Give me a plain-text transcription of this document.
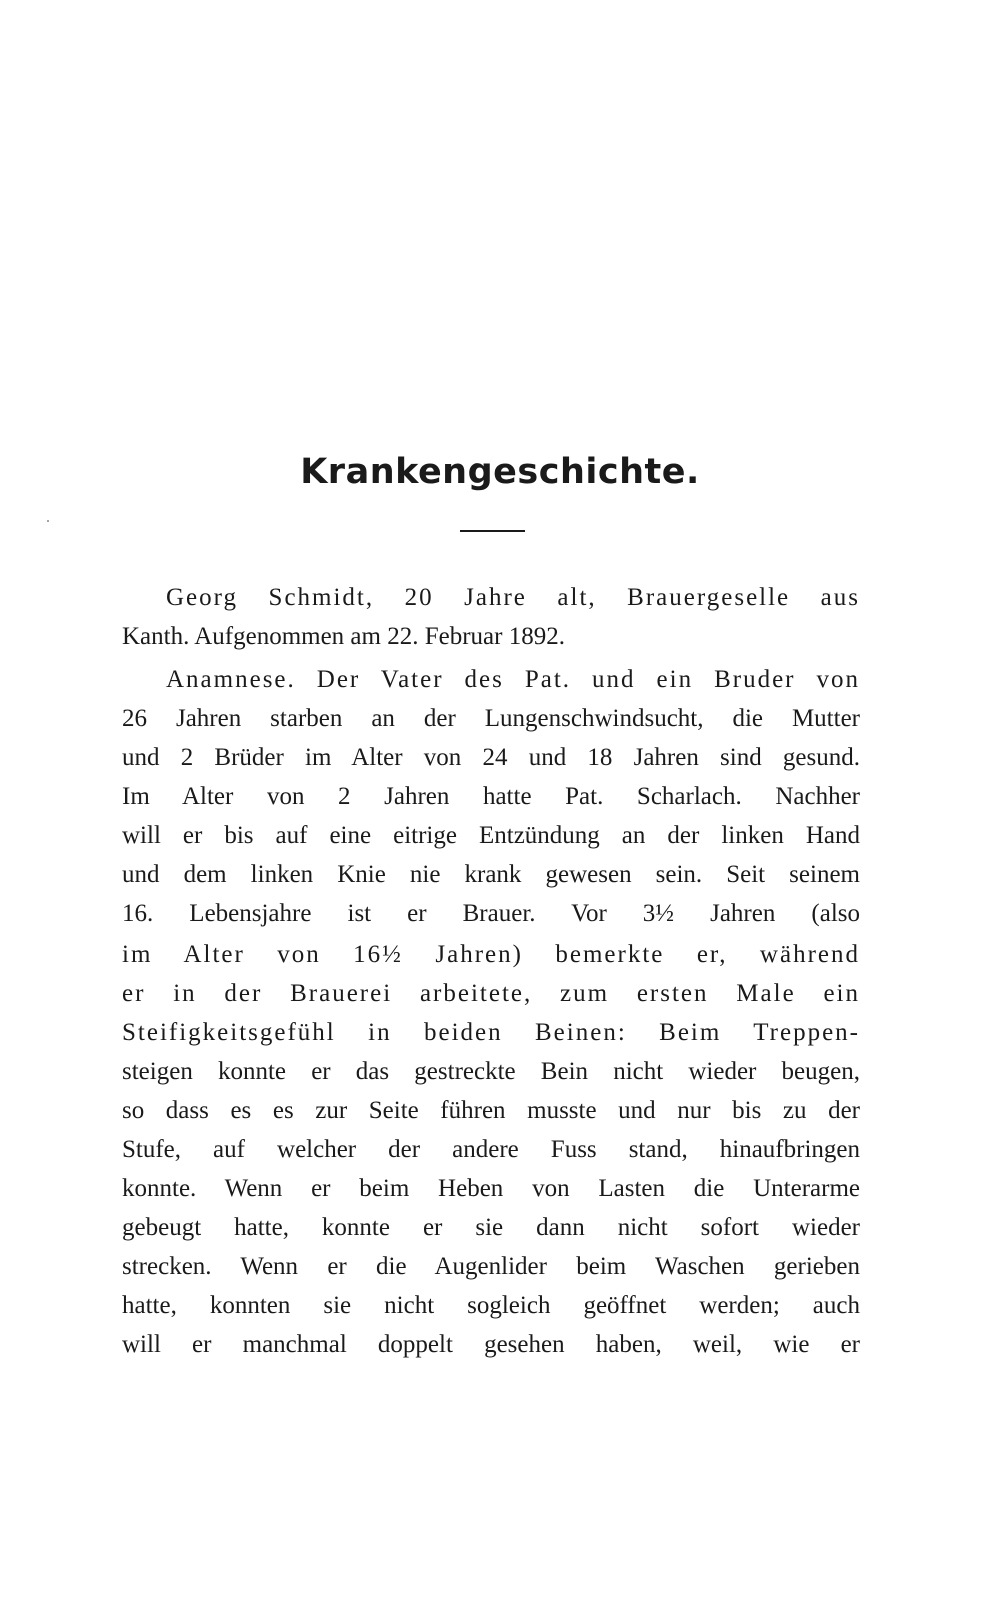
Krankengeschichte.
Georg Schmidt, 20 Jahre alt, Brauergeselle aus
Kanth. Aufgenommen am 22. Februar 1892.
Anamnese. Der Vater des Pat. und ein Bruder von
26 Jahren starben an der Lungenschwindsucht, die Mutter
und 2 Brüder im Alter von 24 und 18 Jahren sind gesund.
Im Alter von 2 Jahren hatte Pat. Scharlach. Nachher
will er bis auf eine eitrige Entzündung an der linken Hand
und dem linken Knie nie krank gewesen sein. Seit seinem
16. Lebensjahre ist er Brauer. Vor 3½ Jahren (also
im Alter von 16½ Jahren) bemerkte er, während
er in der Brauerei arbeitete, zum ersten Male ein
Steifigkeitsgefühl in beiden Beinen: Beim Treppen-
steigen konnte er das gestreckte Bein nicht wieder beugen,
so dass es es zur Seite führen musste und nur bis zu der
Stufe, auf welcher der andere Fuss stand, hinaufbringen
konnte. Wenn er beim Heben von Lasten die Unterarme
gebeugt hatte, konnte er sie dann nicht sofort wieder
strecken. Wenn er die Augenlider beim Waschen gerieben
hatte, konnten sie nicht sogleich geöffnet werden; auch
will er manchmal doppelt gesehen haben, weil, wie er
